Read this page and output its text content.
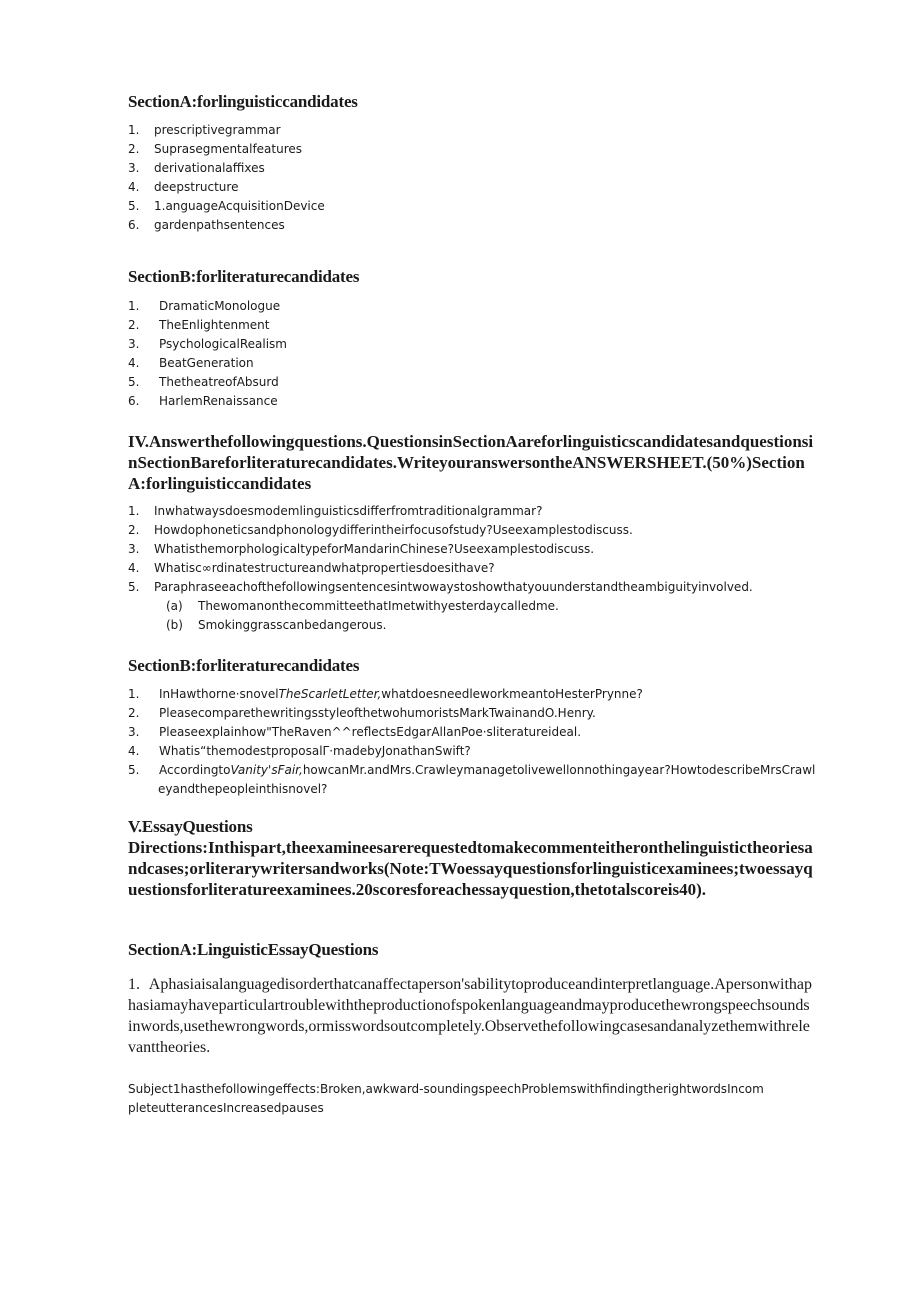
SectionA:forlinguisticcandidates
1. prescriptivegrammar
2. Suprasegmentalfeatures
3. derivationalaffixes
4. deepstructure
5. 1.anguageAcquisitionDevice
6. gardenpathsentences
SectionB:forliteraturecandidates
1. DramaticMonologue
2. TheEnlightenment
3. PsychologicalRealism
4. BeatGeneration
5. ThetheatreofAbsurd
6. HarlemRenaissance
IV.Answerthefollowingquestions.QuestionsinSectionAareforlinguisticscandidatesandquestionsinSectionBareforliteraturecandidates.WriteyouranswersontheANSWERSHEET.(50%)SectionA:forlinguisticcandidates
1. Inwhatwaysdoesmodemlinguisticsdifferfromtraditionalgrammar?
2. Howdophoneticsandphonologydifferintheirfocusofstudy?Useexamplestodiscuss.
3. WhatisthemorphologicaltypeforMandarinChinese?Useexamplestodiscuss.
4. Whatisc∞rdinatestructureandwhatpropertiesdoesithave?
5. Paraphraseeachofthefollowingsentencesintwowaystoshowthatyouunderstandtheambiguityinvolved.
(a) ThewomanonthecommitteethatImetwithyesterdaycalledme.
(b) Smokinggrasscanbedangerous.
SectionB:forliteraturecandidates
1. InHawthorne·snovelTheScarletLetter,whatdoesneedleworkmeantoHesterPrynne?
2. PleasecomparethewritingsstyleofthetwohumoristsMarkTwainandO.Henry.
3. Pleaseexplainhow"TheRaven^^reflectsEdgarAllanPoe·sliteratureideal.
4. Whatis“themodestproposalΓ·madebyJonathanSwift?
5. AccordingtoVanity'sFair,howcanMr.andMrs.Crawleymanagetolivewellonnothingayear?HowtodescribeMrsCrawleyandthepeopleinthisnovel?
V.EssayQuestions
Directions:Inthispart,theexamineesarerequestedtomakecommenteitheronthelinguistictheoriesandcases;orliterarywritersandworks(Note:TWoessayquestionsforlinguisticexaminees;twoessayquestionsforliteratureexaminees.20scoresforeachessayquestion,thetotalscoreis40).
SectionA:LinguisticEssayQuestions
1. Aphasiaisalanguagedisorderthatcanaffectaperson'sabilitytoproduceandinterpretlanguage.Apersonwithaphasiamayhaveparticulartroublewiththeproductionofspokenlanguageandmayproducethewrongspeechsoundsinwords,usethewrongwords,ormisswordsoutcompletely.Observethefollowingcasesandanalyzethemwithrelevanttheories.
Subject1hasthefollowingeffects:Broken,awkward-soundingspeechProblemswithfindingtherightwordsIncompleteutterancesIncreasedpauses
